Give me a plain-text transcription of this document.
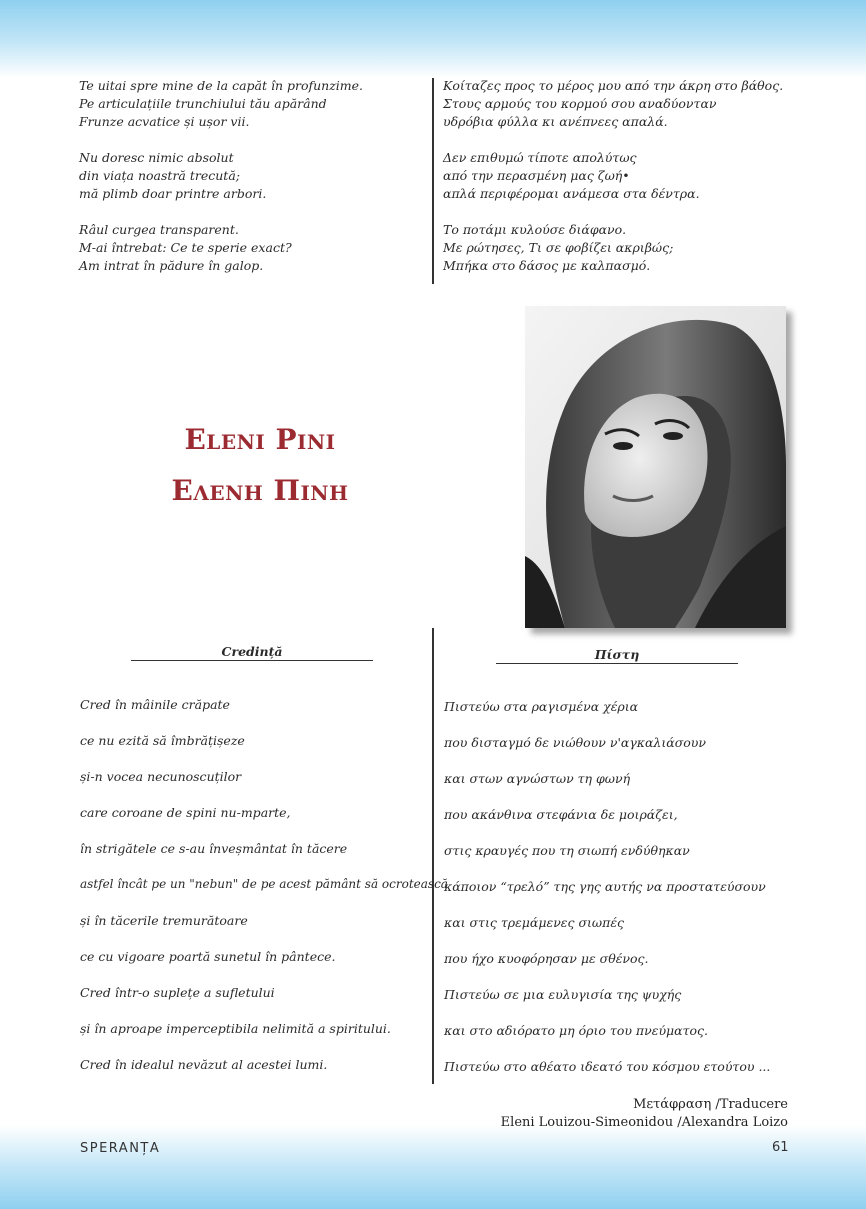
Te uitai spre mine de la capăt în profunzime.
Pe articulațiile trunchiului tău apărând
Frunze acvatice și ușor vii.
Nu doresc nimic absolut
din viața noastră trecută;
mă plimb doar printre arbori.
Râul curgea transparent.
M-ai întrebat: Ce te sperie exact?
Am intrat în pădure în galop.
Κοίταζες προς το μέρος μου από την άκρη στο βάθος.
Στους αρμούς του κορμού σου αναδύονταν
υδρόβια φύλλα κι ανέπνεες απαλά.
Δεν επιθυμώ τίποτε απολύτως
από την περασμένη μας ζωή•
απλά περιφέρομαι ανάμεσα στα δέντρα.
Το ποτάμι κυλούσε διάφανο.
Με ρώτησες, Τι σε φοβίζει ακριβώς;
Μπήκα στο δάσος με καλπασμό.
Eleni Pini
Ελενη Πινη
Credință	Πίστη
Cred în mâinile crăpate
ce nu ezită să îmbrățișeze
și-n vocea necunoscuților
care coroane de spini nu-mparte,
în strigătele ce s-au înveșmântat în tăcere
astfel încât pe un "nebun" de pe acest pământ să ocrotească
și în tăcerile tremurătoare
ce cu vigoare poartă sunetul în pântece.
Cred într-o suplețe a sufletului
și în aproape imperceptibila nelimită a spiritului.
Cred în idealul nevăzut al acestei lumi.
Πιστεύω στα ραγισμένα χέρια
που δισταγμό δε νιώθουν ν'αγκαλιάσουν
και στων αγνώστων τη φωνή
που ακάνθινα στεφάνια δε μοιράζει,
στις κραυγές που τη σιωπή ενδύθηκαν
κάποιον “τρελό” της γης αυτής να προστατεύσουν
και στις τρεμάμενες σιωπές
που ήχο κυοφόρησαν με σθένος.
Πιστεύω σε μια ευλυγισία της ψυχής
και στο αδιόρατο μη όριο του πνεύματος.
Πιστεύω στο αθέατο ιδεατό του κόσμου ετούτου ...
Μετάφραση /Traducere
Eleni Louizou-Simeonidou /Alexandra Loizo
SPERANȚA	61
